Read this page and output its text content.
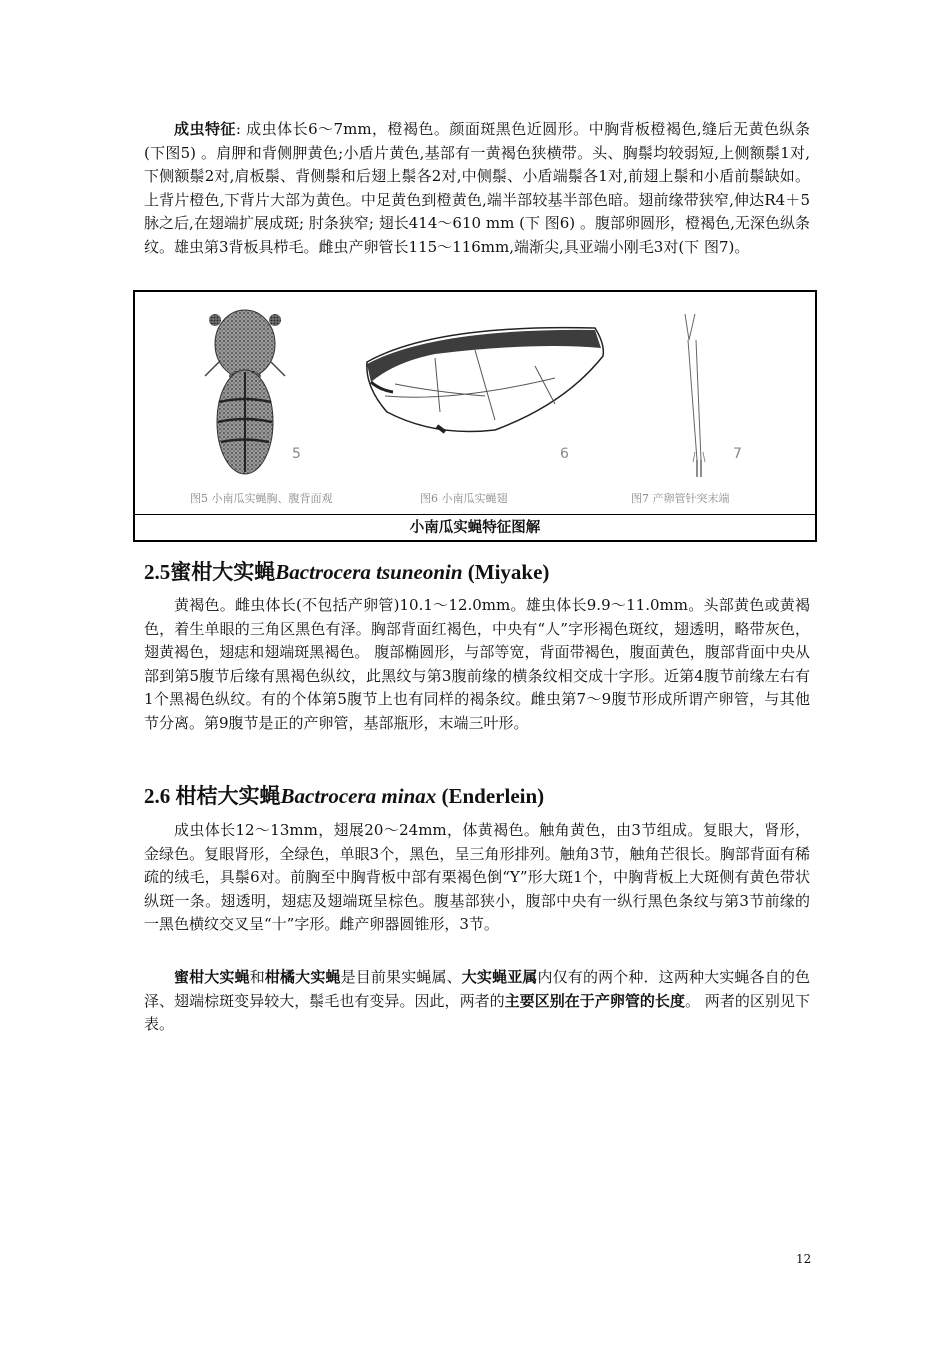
成虫特征: 成虫体长6～7mm，橙褐色。颜面斑黑色近圆形。中胸背板橙褐色,缝后无黄色纵条(下图5) 。肩胛和背侧胛黄色;小盾片黄色,基部有一黄褐色狭横带。头、胸鬃均较弱短,上侧额鬃1对,下侧额鬃2对,肩板鬃、背侧鬃和后翅上鬃各2对,中侧鬃、小盾端鬃各1对,前翅上鬃和小盾前鬃缺如。上背片橙色,下背片大部为黄色。中足黄色到橙黄色,端半部较基半部色暗。翅前缘带狭窄,伸达R4＋5脉之后,在翅端扩展成斑; 肘条狭窄; 翅长414～610 mm (下 图6) 。腹部卵圆形，橙褐色,无深色纵条纹。雄虫第3背板具栉毛。雌虫产卵管长115～116mm,端渐尖,具亚端小刚毛3对(下 图7)。

5	6	7
图5 小南瓜实蝇胸、腹背面观	图6 小南瓜实蝇翅	图7 产卵管针突末端
小南瓜实蝇特征图解
2.5蜜柑大实蝇Bactrocera tsuneonin (Miyake)

黄褐色。雌虫体长(不包括产卵管)10.1～12.0mm。雄虫体长9.9～11.0mm。头部黄色或黄褐色，着生单眼的三角区黑色有泽。胸部背面红褐色，中央有“人”字形褐色斑纹，翅透明，略带灰色，翅黄褐色，翅痣和翅端斑黑褐色。 腹部椭圆形，与部等宽，背面带褐色，腹面黄色，腹部背面中央从部到第5腹节后缘有黑褐色纵纹，此黑纹与第3腹前缘的横条纹相交成十字形。近第4腹节前缘左右有1个黑褐色纵纹。有的个体第5腹节上也有同样的褐条纹。雌虫第7～9腹节形成所谓产卵管，与其他节分离。第9腹节是正的产卵管，基部瓶形，末端三叶形。

2.6 柑桔大实蝇Bactrocera minax (Enderlein)

成虫体长12～13mm，翅展20～24mm，体黄褐色。触角黄色，由3节组成。复眼大，肾形，金绿色。复眼肾形，全绿色，单眼3个，黑色，呈三角形排列。触角3节，触角芒很长。胸部背面有稀疏的绒毛，具鬃6对。前胸至中胸背板中部有栗褐色倒“Y”形大斑1个，中胸背板上大斑侧有黄色带状纵斑一条。翅透明，翅痣及翅端斑呈棕色。腹基部狭小，腹部中央有一纵行黑色条纹与第3节前缘的一黑色横纹交叉呈“十”字形。雌产卵器圆锥形，3节。

蜜柑大实蝇和柑橘大实蝇是目前果实蝇属、大实蝇亚属内仅有的两个种．这两种大实蝇各自的色泽、翅端棕斑变异较大，鬃毛也有变异。因此，两者的主要区别在于产卵管的长度。 两者的区别见下表。

12
